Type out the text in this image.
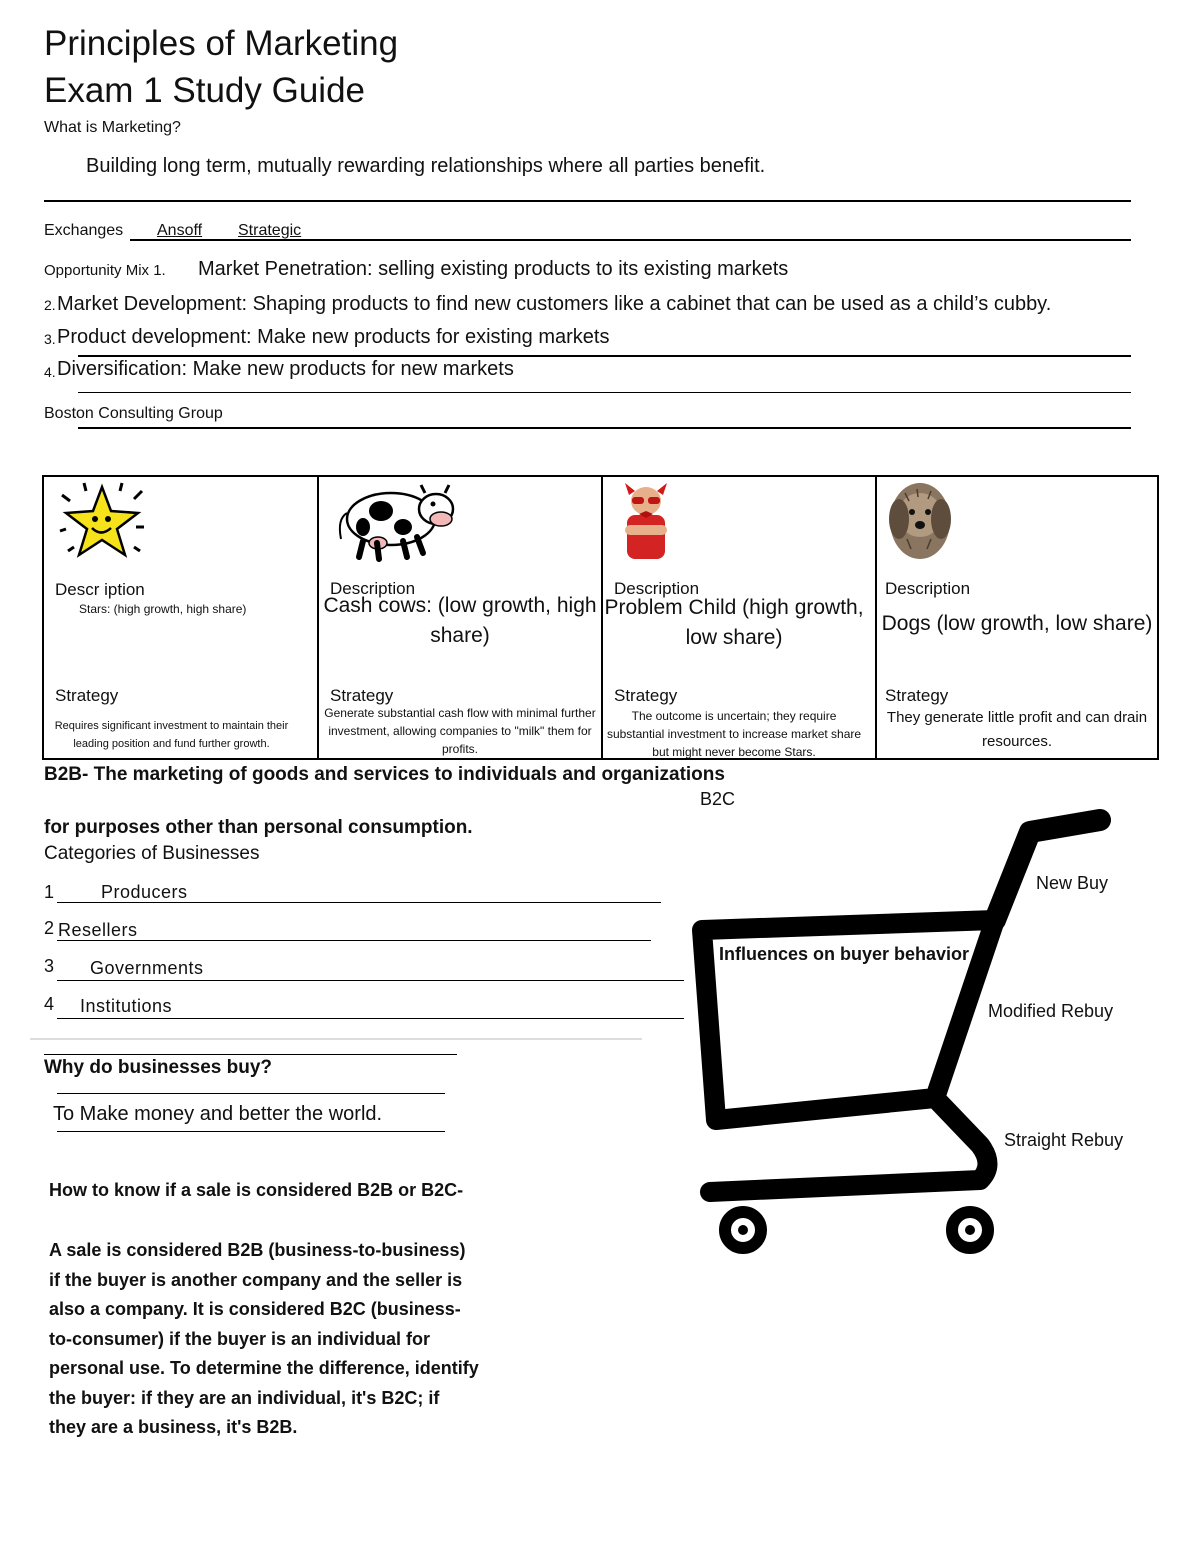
Principles of Marketing
Exam 1 Study Guide
What is Marketing?
Building long term, mutually rewarding relationships where all parties benefit.
Exchanges Ansoff Strategic
Opportunity Mix 1. Market Penetration: selling existing products to its existing markets
2. Market Development: Shaping products to find new customers like a cabinet that can be used as a child’s cubby.
3. Product development: Make new products for existing markets
4. Diversification: Make new products for new markets
Boston Consulting Group
Descr iption
Stars: (high growth, high share)
Strategy
Requires significant investment to maintain their leading position and fund further growth.
Description
Cash cows: (low growth, high share)
Strategy
Generate substantial cash flow with minimal further investment, allowing companies to "milk" them for profits.
Description
Problem Child (high growth, low share)
Strategy
The outcome is uncertain; they require substantial investment to increase market share but might never become Stars.
Description
Dogs (low growth, low share)
Strategy
They generate little profit and can drain resources.
B2B- The marketing of goods and services to individuals and organizations
B2C
for purposes other than personal consumption.
Categories of Businesses
1	Producers
2 Resellers
3 Governments
4 Institutions
Why do businesses buy?
To Make money and better the world.
How to know if a sale is considered B2B or B2C-
A sale is considered B2B (business-to-business) if the buyer is another company and the seller is also a company. It is considered B2C (business-to-consumer) if the buyer is an individual for personal use. To determine the difference, identify the buyer: if they are an individual, it's B2C; if they are a business, it's B2B.
Influences on buyer behavior
New Buy
Modified Rebuy
Straight Rebuy
